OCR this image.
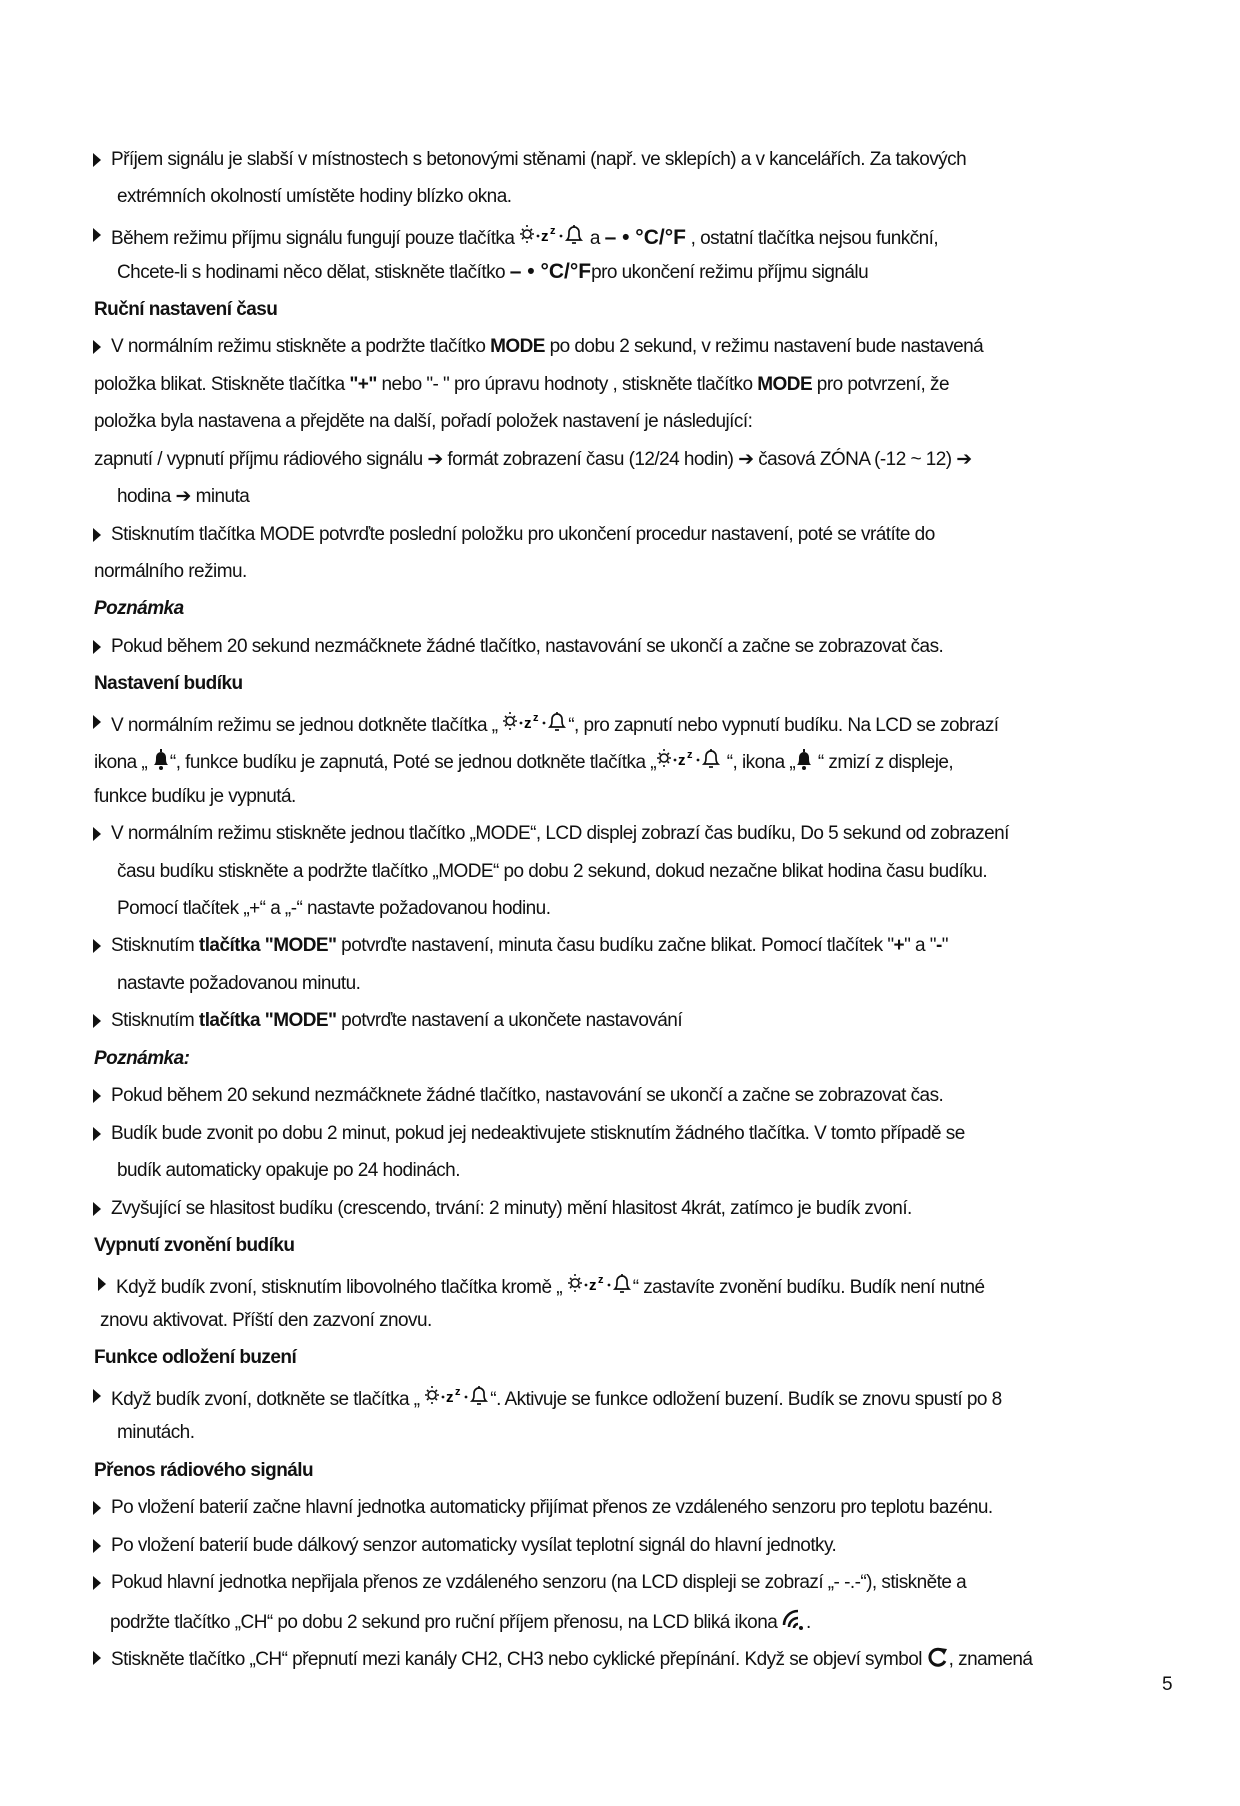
Příjem signálu je slabší v místnostech s betonovými stěnami (např. ve sklepích) a v kancelářích. Za takových
extrémních okolností umístěte hodiny blízko okna.
Během režimu příjmu signálu fungují pouze tlačítka z z a – • °C/°F , ostatní tlačítka nejsou funkční,
Chcete-li s hodinami něco dělat, stiskněte tlačítko – • °C/°Fpro ukončení režimu příjmu signálu
Ruční nastavení času
V normálním režimu stiskněte a podržte tlačítko MODE po dobu 2 sekund, v režimu nastavení bude nastavená
položka blikat. Stiskněte tlačítka "+" nebo "- " pro úpravu hodnoty , stiskněte tlačítko MODE pro potvrzení, že
položka byla nastavena a přejděte na další, pořadí položek nastavení je následující:
zapnutí / vypnutí příjmu rádiového signálu ➔ formát zobrazení času (12/24 hodin) ➔ časová ZÓNA (-12 ~ 12) ➔
hodina ➔ minuta
Stisknutím tlačítka MODE potvrďte poslední položku pro ukončení procedur nastavení, poté se vrátíte do
normálního režimu.
Poznámka
Pokud během 20 sekund nezmáčknete žádné tlačítko, nastavování se ukončí a začne se zobrazovat čas.
Nastavení budíku
V normálním režimu se jednou dotkněte tlačítka „ z z “, pro zapnutí nebo vypnutí budíku. Na LCD se zobrazí
ikona „ “, funkce budíku je zapnutá, Poté se jednou dotkněte tlačítka „ z z “, ikona „ “ zmizí z displeje,
funkce budíku je vypnutá.
V normálním režimu stiskněte jednou tlačítko „MODE“, LCD displej zobrazí čas budíku, Do 5 sekund od zobrazení
času budíku stiskněte a podržte tlačítko „MODE“ po dobu 2 sekund, dokud nezačne blikat hodina času budíku.
Pomocí tlačítek „+“ a „-“ nastavte požadovanou hodinu.
Stisknutím tlačítka "MODE" potvrďte nastavení, minuta času budíku začne blikat. Pomocí tlačítek "+" a "-"
nastavte požadovanou minutu.
Stisknutím tlačítka "MODE" potvrďte nastavení a ukončete nastavování
Poznámka:
Pokud během 20 sekund nezmáčknete žádné tlačítko, nastavování se ukončí a začne se zobrazovat čas.
Budík bude zvonit po dobu 2 minut, pokud jej nedeaktivujete stisknutím žádného tlačítka. V tomto případě se
budík automaticky opakuje po 24 hodinách.
Zvyšující se hlasitost budíku (crescendo, trvání: 2 minuty) mění hlasitost 4krát, zatímco je budík zvoní.
Vypnutí zvonění budíku
Když budík zvoní, stisknutím libovolného tlačítka kromě „ z z “ zastavíte zvonění budíku. Budík není nutné
znovu aktivovat. Příští den zazvoní znovu.
Funkce odložení buzení
Když budík zvoní, dotkněte se tlačítka „ z z “. Aktivuje se funkce odložení buzení. Budík se znovu spustí po 8
minutách.
Přenos rádiového signálu
Po vložení baterií začne hlavní jednotka automaticky přijímat přenos ze vzdáleného senzoru pro teplotu bazénu.
Po vložení baterií bude dálkový senzor automaticky vysílat teplotní signál do hlavní jednotky.
Pokud hlavní jednotka nepřijala přenos ze vzdáleného senzoru (na LCD displeji se zobrazí „- -.-“), stiskněte a
podržte tlačítko „CH“ po dobu 2 sekund pro ruční příjem přenosu, na LCD bliká ikona .
Stiskněte tlačítko „CH“ přepnutí mezi kanály CH2, CH3 nebo cyklické přepínání. Když se objeví symbol , znamená
5
